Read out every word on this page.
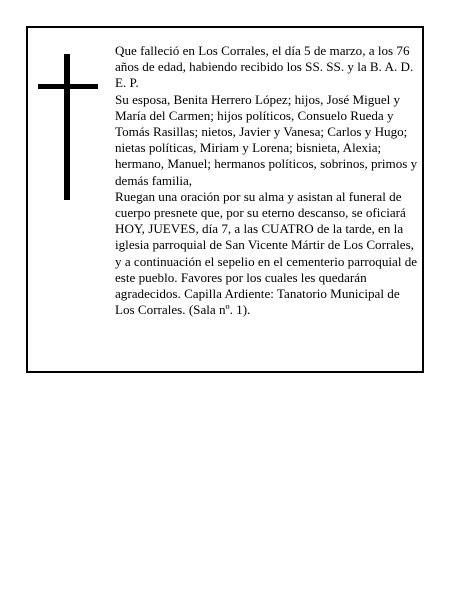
Que falleció en Los Corrales, el día 5 de marzo, a los 76 años de edad, habiendo recibido los SS. SS. y la B. A. D. E. P.

Su esposa, Benita Herrero López; hijos, José Miguel y María del Carmen; hijos políticos, Consuelo Rueda y Tomás Rasillas; nietos, Javier y Vanesa; Carlos y Hugo; nietas políticas, Miriam y Lorena; bisnieta, Alexia; hermano, Manuel; hermanos políticos, sobrinos, primos y demás familia,

Ruegan una oración por su alma y asistan al funeral de cuerpo presnete que, por su eterno descanso, se oficiará HOY, JUEVES, día 7, a las CUATRO de la tarde, en la iglesia parroquial de San Vicente Mártir de Los Corrales, y a continuación el sepelio en el cementerio parroquial de este pueblo. Favores por los cuales les quedarán agradecidos. Capilla Ardiente: Tanatorio Municipal de Los Corrales. (Sala nº. 1).
